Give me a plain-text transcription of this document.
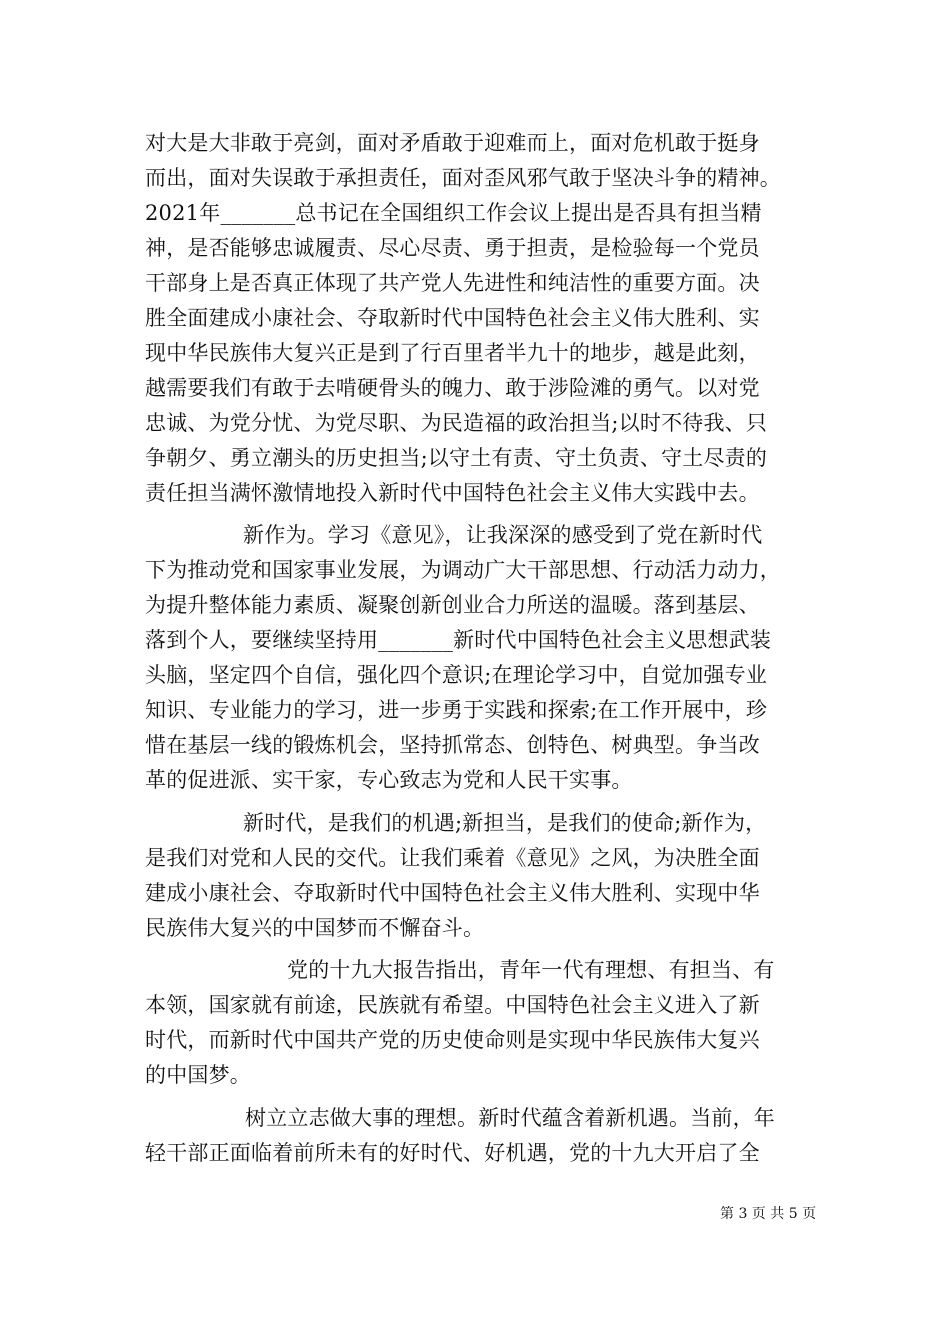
对大是大非敢于亮剑，面对矛盾敢于迎难而上，面对危机敢于挺身
而出，面对失误敢于承担责任，面对歪风邪气敢于坚决斗争的精神。
2021年_______总书记在全国组织工作会议上提出是否具有担当精
神，是否能够忠诚履责、尽心尽责、勇于担责，是检验每一个党员
干部身上是否真正体现了共产党人先进性和纯洁性的重要方面。决
胜全面建成小康社会、夺取新时代中国特色社会主义伟大胜利、实
现中华民族伟大复兴正是到了行百里者半九十的地步，越是此刻，
越需要我们有敢于去啃硬骨头的魄力、敢于涉险滩的勇气。以对党
忠诚、为党分忧、为党尽职、为民造福的政治担当;以时不待我、只
争朝夕、勇立潮头的历史担当;以守土有责、守土负责、守土尽责的
责任担当满怀激情地投入新时代中国特色社会主义伟大实践中去。
新作为。学习《意见》，让我深深的感受到了党在新时代
下为推动党和国家事业发展，为调动广大干部思想、行动活力动力，
为提升整体能力素质、凝聚创新创业合力所送的温暖。落到基层、
落到个人，要继续坚持用_______新时代中国特色社会主义思想武装
头脑，坚定四个自信，强化四个意识;在理论学习中，自觉加强专业
知识、专业能力的学习，进一步勇于实践和探索;在工作开展中，珍
惜在基层一线的锻炼机会，坚持抓常态、创特色、树典型。争当改
革的促进派、实干家，专心致志为党和人民干实事。
新时代，是我们的机遇;新担当，是我们的使命;新作为，
是我们对党和人民的交代。让我们乘着《意见》之风，为决胜全面
建成小康社会、夺取新时代中国特色社会主义伟大胜利、实现中华
民族伟大复兴的中国梦而不懈奋斗。
党的十九大报告指出，青年一代有理想、有担当、有
本领，国家就有前途，民族就有希望。中国特色社会主义进入了新
时代，而新时代中国共产党的历史使命则是实现中华民族伟大复兴
的中国梦。
树立立志做大事的理想。新时代蕴含着新机遇。当前，年
轻干部正面临着前所未有的好时代、好机遇，党的十九大开启了全
第 3 页 共 5 页
